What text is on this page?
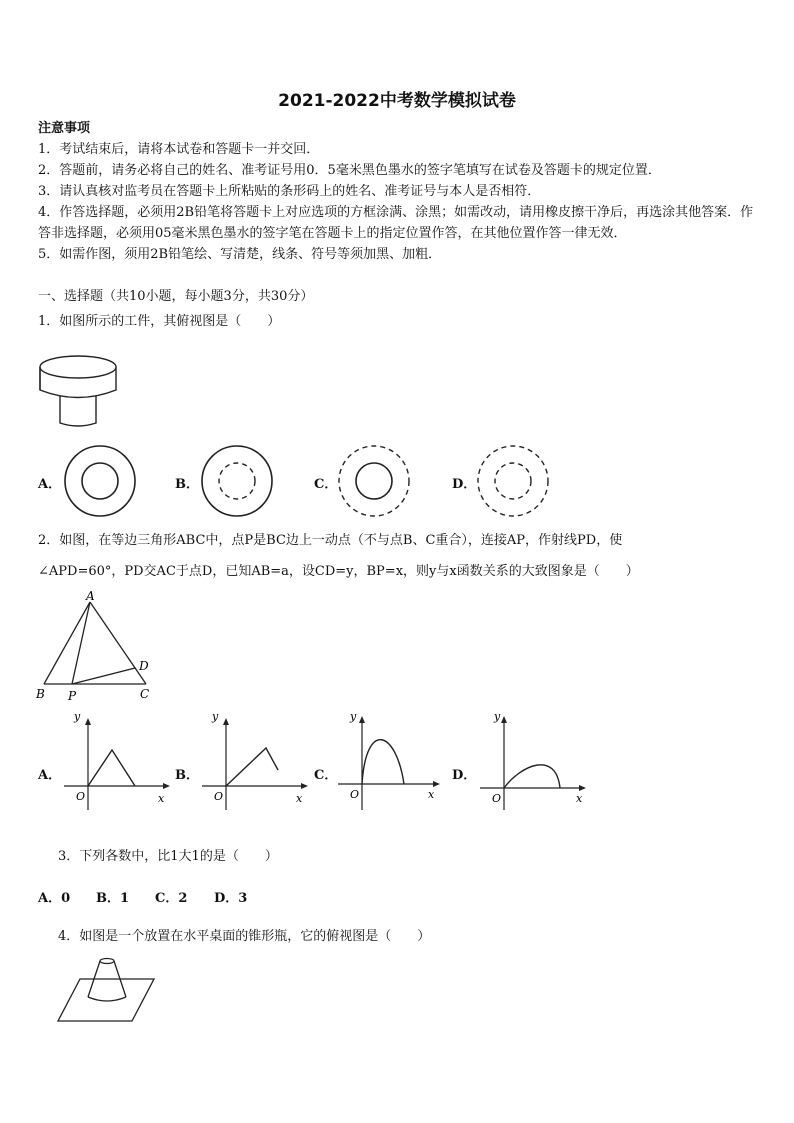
2021-2022中考数学模拟试卷
注意事项
1．考试结束后，请将本试卷和答题卡一并交回．
2．答题前，请务必将自己的姓名、准考证号用0．5毫米黑色墨水的签字笔填写在试卷及答题卡的规定位置．
3．请认真核对监考员在答题卡上所粘贴的条形码上的姓名、准考证号与本人是否相符．
4．作答选择题，必须用2B铅笔将答题卡上对应选项的方框涂满、涂黑；如需改动，请用橡皮擦干净后，再选涂其他答案．作答非选择题，必须用05毫米黑色墨水的签字笔在答题卡上的指定位置作答，在其他位置作答一律无效．
5．如需作图，须用2B铅笔绘、写清楚，线条、符号等须加黑、加粗．
一、选择题（共10小题，每小题3分，共30分）
1．如图所示的工件，其俯视图是（　　）
A．	B．	C．	D．
2．如图，在等边三角形ABC中，点P是BC边上一动点（不与点B、C重合），连接AP，作射线PD，使
∠APD=60°，PD交AC于点D，已知AB=a，设CD=y，BP=x，则y与x函数关系的大致图象是（　　）
A
B P	C
D
A．
y
O	x
B．
y
O	x
C．
y
O	x
D．
y
O	x
3．下列各数中，比1大1的是（　　）
A．0 B．1 C．2 D．3
4．如图是一个放置在水平桌面的锥形瓶，它的俯视图是（　　）
